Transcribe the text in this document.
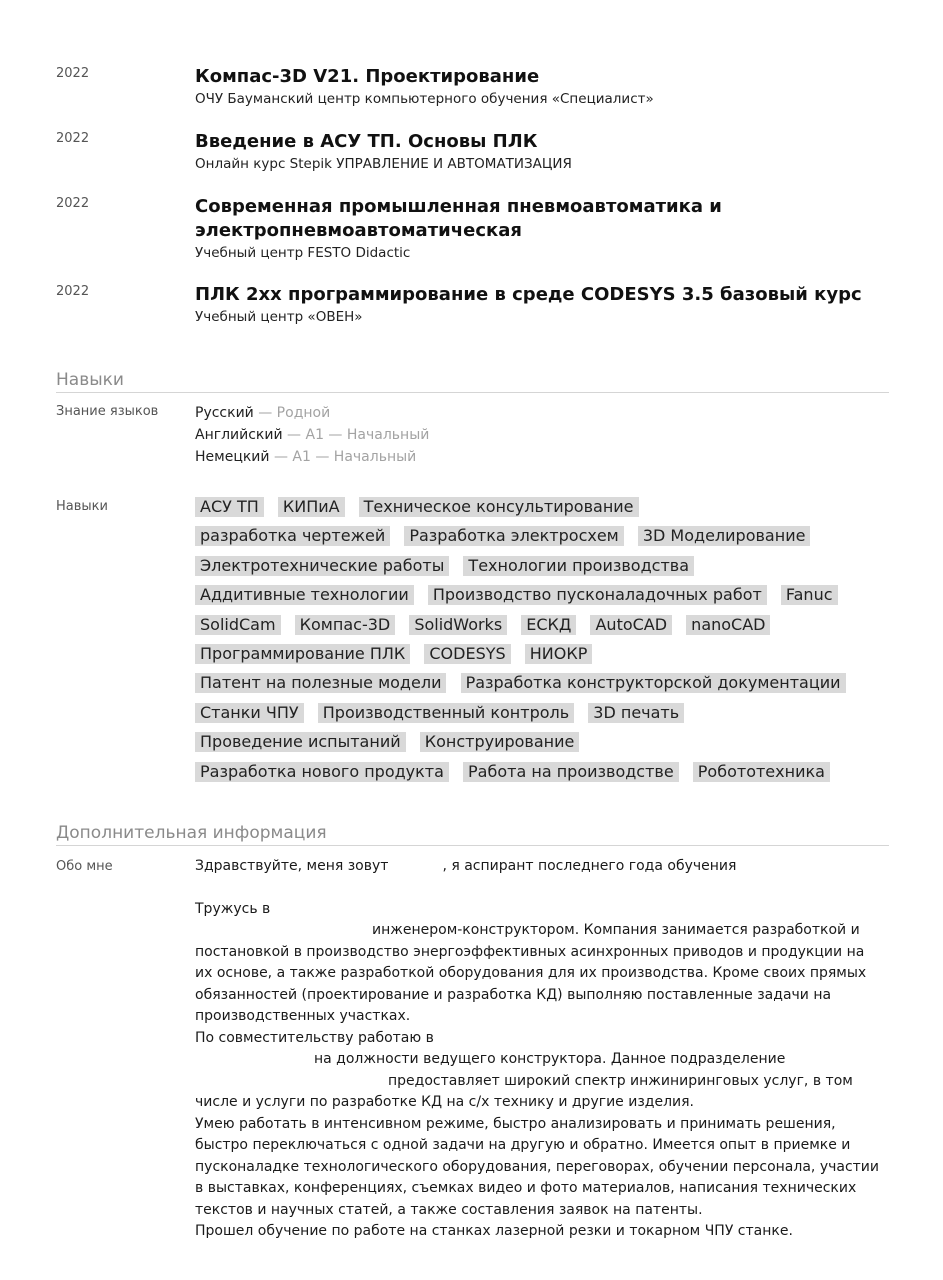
2022	Компас-3D V21. Проектирование
ОЧУ Бауманский центр компьютерного обучения «Специалист»
2022	Введение в АСУ ТП. Основы ПЛК
Онлайн курс Stepik УПРАВЛЕНИЕ И АВТОМАТИЗАЦИЯ
2022	Современная промышленная пневмоавтоматика и
электропневмоавтоматическая
Учебный центр FESTO Didactic
2022	ПЛК 2хх программирование в среде CODESYS 3.5 базовый курс
Учебный центр «ОВЕН»
Навыки
Знание языков	Русский — Родной
Английский — A1 — Начальный
Немецкий — A1 — Начальный
Навыки	АСУ ТП КИПиА Техническое консультирование разработка чертежей Разработка электросхем 3D Моделирование Электротехнические работы Технологии производства Аддитивные технологии Производство пусконаладочных работ Fanuc SolidCam Компас-3D SolidWorks ЕСКД AutoCAD nanoCAD Программирование ПЛК CODESYS НИОКР Патент на полезные модели Разработка конструкторской документации Станки ЧПУ Производственный контроль 3D печать Проведение испытаний Конструирование Разработка нового продукта Работа на производстве Робототехника
Дополнительная информация
Обо мне	Здравствуйте, меня зовут	, я аспирант последнего года обучения
Тружусь в
инженером-конструктором. Компания занимается разработкой и
постановкой в производство энергоэффективных асинхронных приводов и продукции на
их основе, а также разработкой оборудования для их производства. Кроме своих прямых
обязанностей (проектирование и разработка КД) выполняю поставленные задачи на
производственных участках.
По совместительству работаю в
на должности ведущего конструктора. Данное подразделение
предоставляет широкий спектр инжиниринговых услуг, в том
числе и услуги по разработке КД на с/х технику и другие изделия.
Умею работать в интенсивном режиме, быстро анализировать и принимать решения,
быстро переключаться с одной задачи на другую и обратно. Имеется опыт в приемке и
пусконаладке технологического оборудования, переговорах, обучении персонала, участии
в выставках, конференциях, съемках видео и фото материалов, написания технических
текстов и научных статей, а также составления заявок на патенты.
Прошел обучение по работе на станках лазерной резки и токарном ЧПУ станке.
